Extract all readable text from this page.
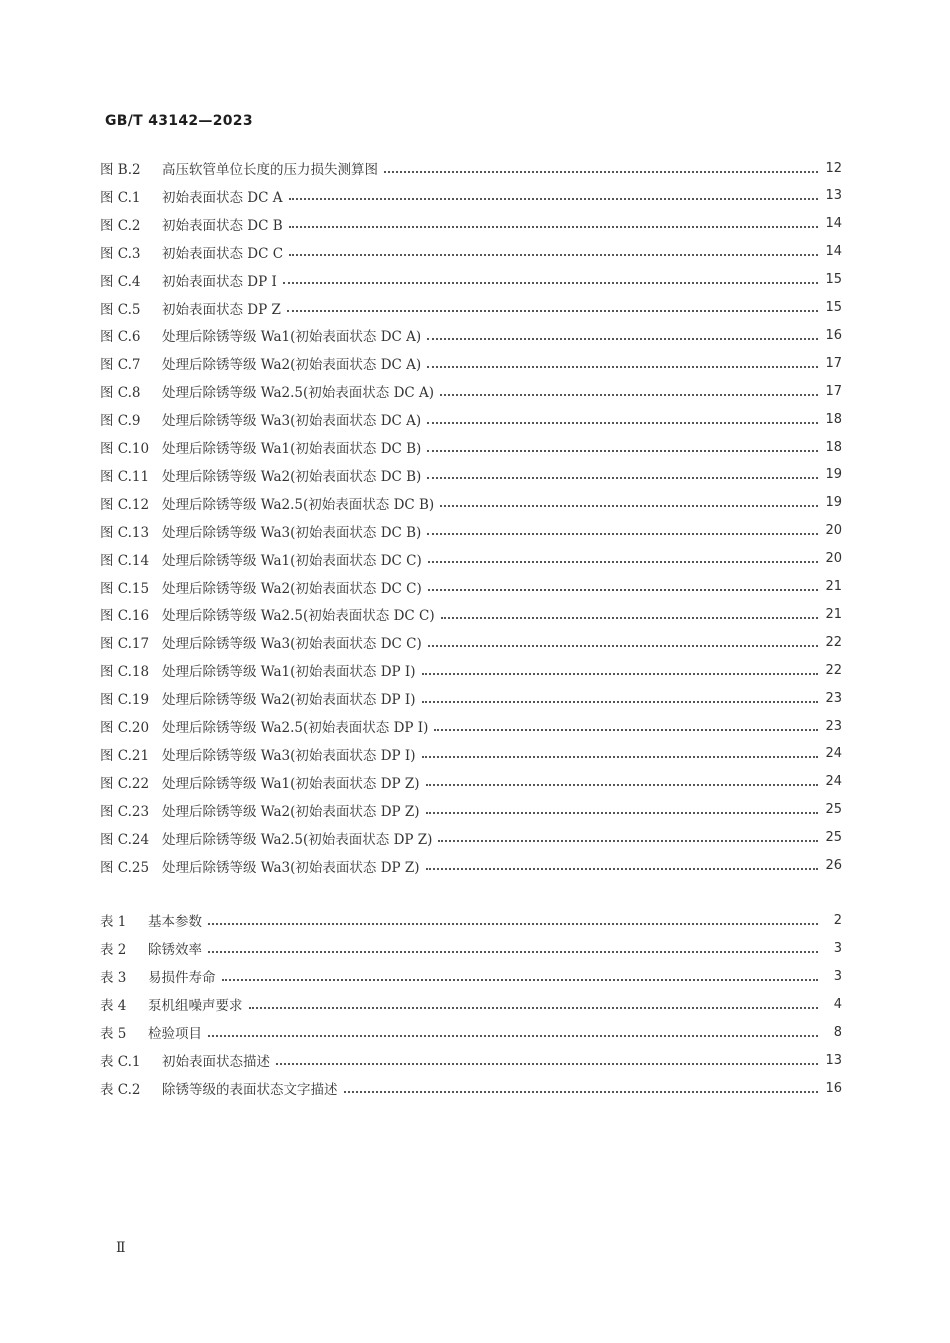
GB/T 43142—2023
图 B.2 高压软管单位长度的压力损失测算图	12
图 C.1 初始表面状态 DC A	13
图 C.2 初始表面状态 DC B	14
图 C.3 初始表面状态 DC C	14
图 C.4 初始表面状态 DP I	15
图 C.5 初始表面状态 DP Z	15
图 C.6 处理后除锈等级 Wa1(初始表面状态 DC A)	16
图 C.7 处理后除锈等级 Wa2(初始表面状态 DC A)	17
图 C.8 处理后除锈等级 Wa2.5(初始表面状态 DC A)	17
图 C.9 处理后除锈等级 Wa3(初始表面状态 DC A)	18
图 C.10 处理后除锈等级 Wa1(初始表面状态 DC B)	18
图 C.11 处理后除锈等级 Wa2(初始表面状态 DC B)	19
图 C.12 处理后除锈等级 Wa2.5(初始表面状态 DC B)	19
图 C.13 处理后除锈等级 Wa3(初始表面状态 DC B)	20
图 C.14 处理后除锈等级 Wa1(初始表面状态 DC C)	20
图 C.15 处理后除锈等级 Wa2(初始表面状态 DC C)	21
图 C.16 处理后除锈等级 Wa2.5(初始表面状态 DC C)	21
图 C.17 处理后除锈等级 Wa3(初始表面状态 DC C)	22
图 C.18 处理后除锈等级 Wa1(初始表面状态 DP I)	22
图 C.19 处理后除锈等级 Wa2(初始表面状态 DP I)	23
图 C.20 处理后除锈等级 Wa2.5(初始表面状态 DP I)	23
图 C.21 处理后除锈等级 Wa3(初始表面状态 DP I)	24
图 C.22 处理后除锈等级 Wa1(初始表面状态 DP Z)	24
图 C.23 处理后除锈等级 Wa2(初始表面状态 DP Z)	25
图 C.24 处理后除锈等级 Wa2.5(初始表面状态 DP Z)	25
图 C.25 处理后除锈等级 Wa3(初始表面状态 DP Z)	26
表 1 基本参数	2
表 2 除锈效率	3
表 3 易损件寿命	3
表 4 泵机组噪声要求	4
表 5 检验项目	8
表 C.1 初始表面状态描述	13
表 C.2 除锈等级的表面状态文字描述	16
Ⅱ
